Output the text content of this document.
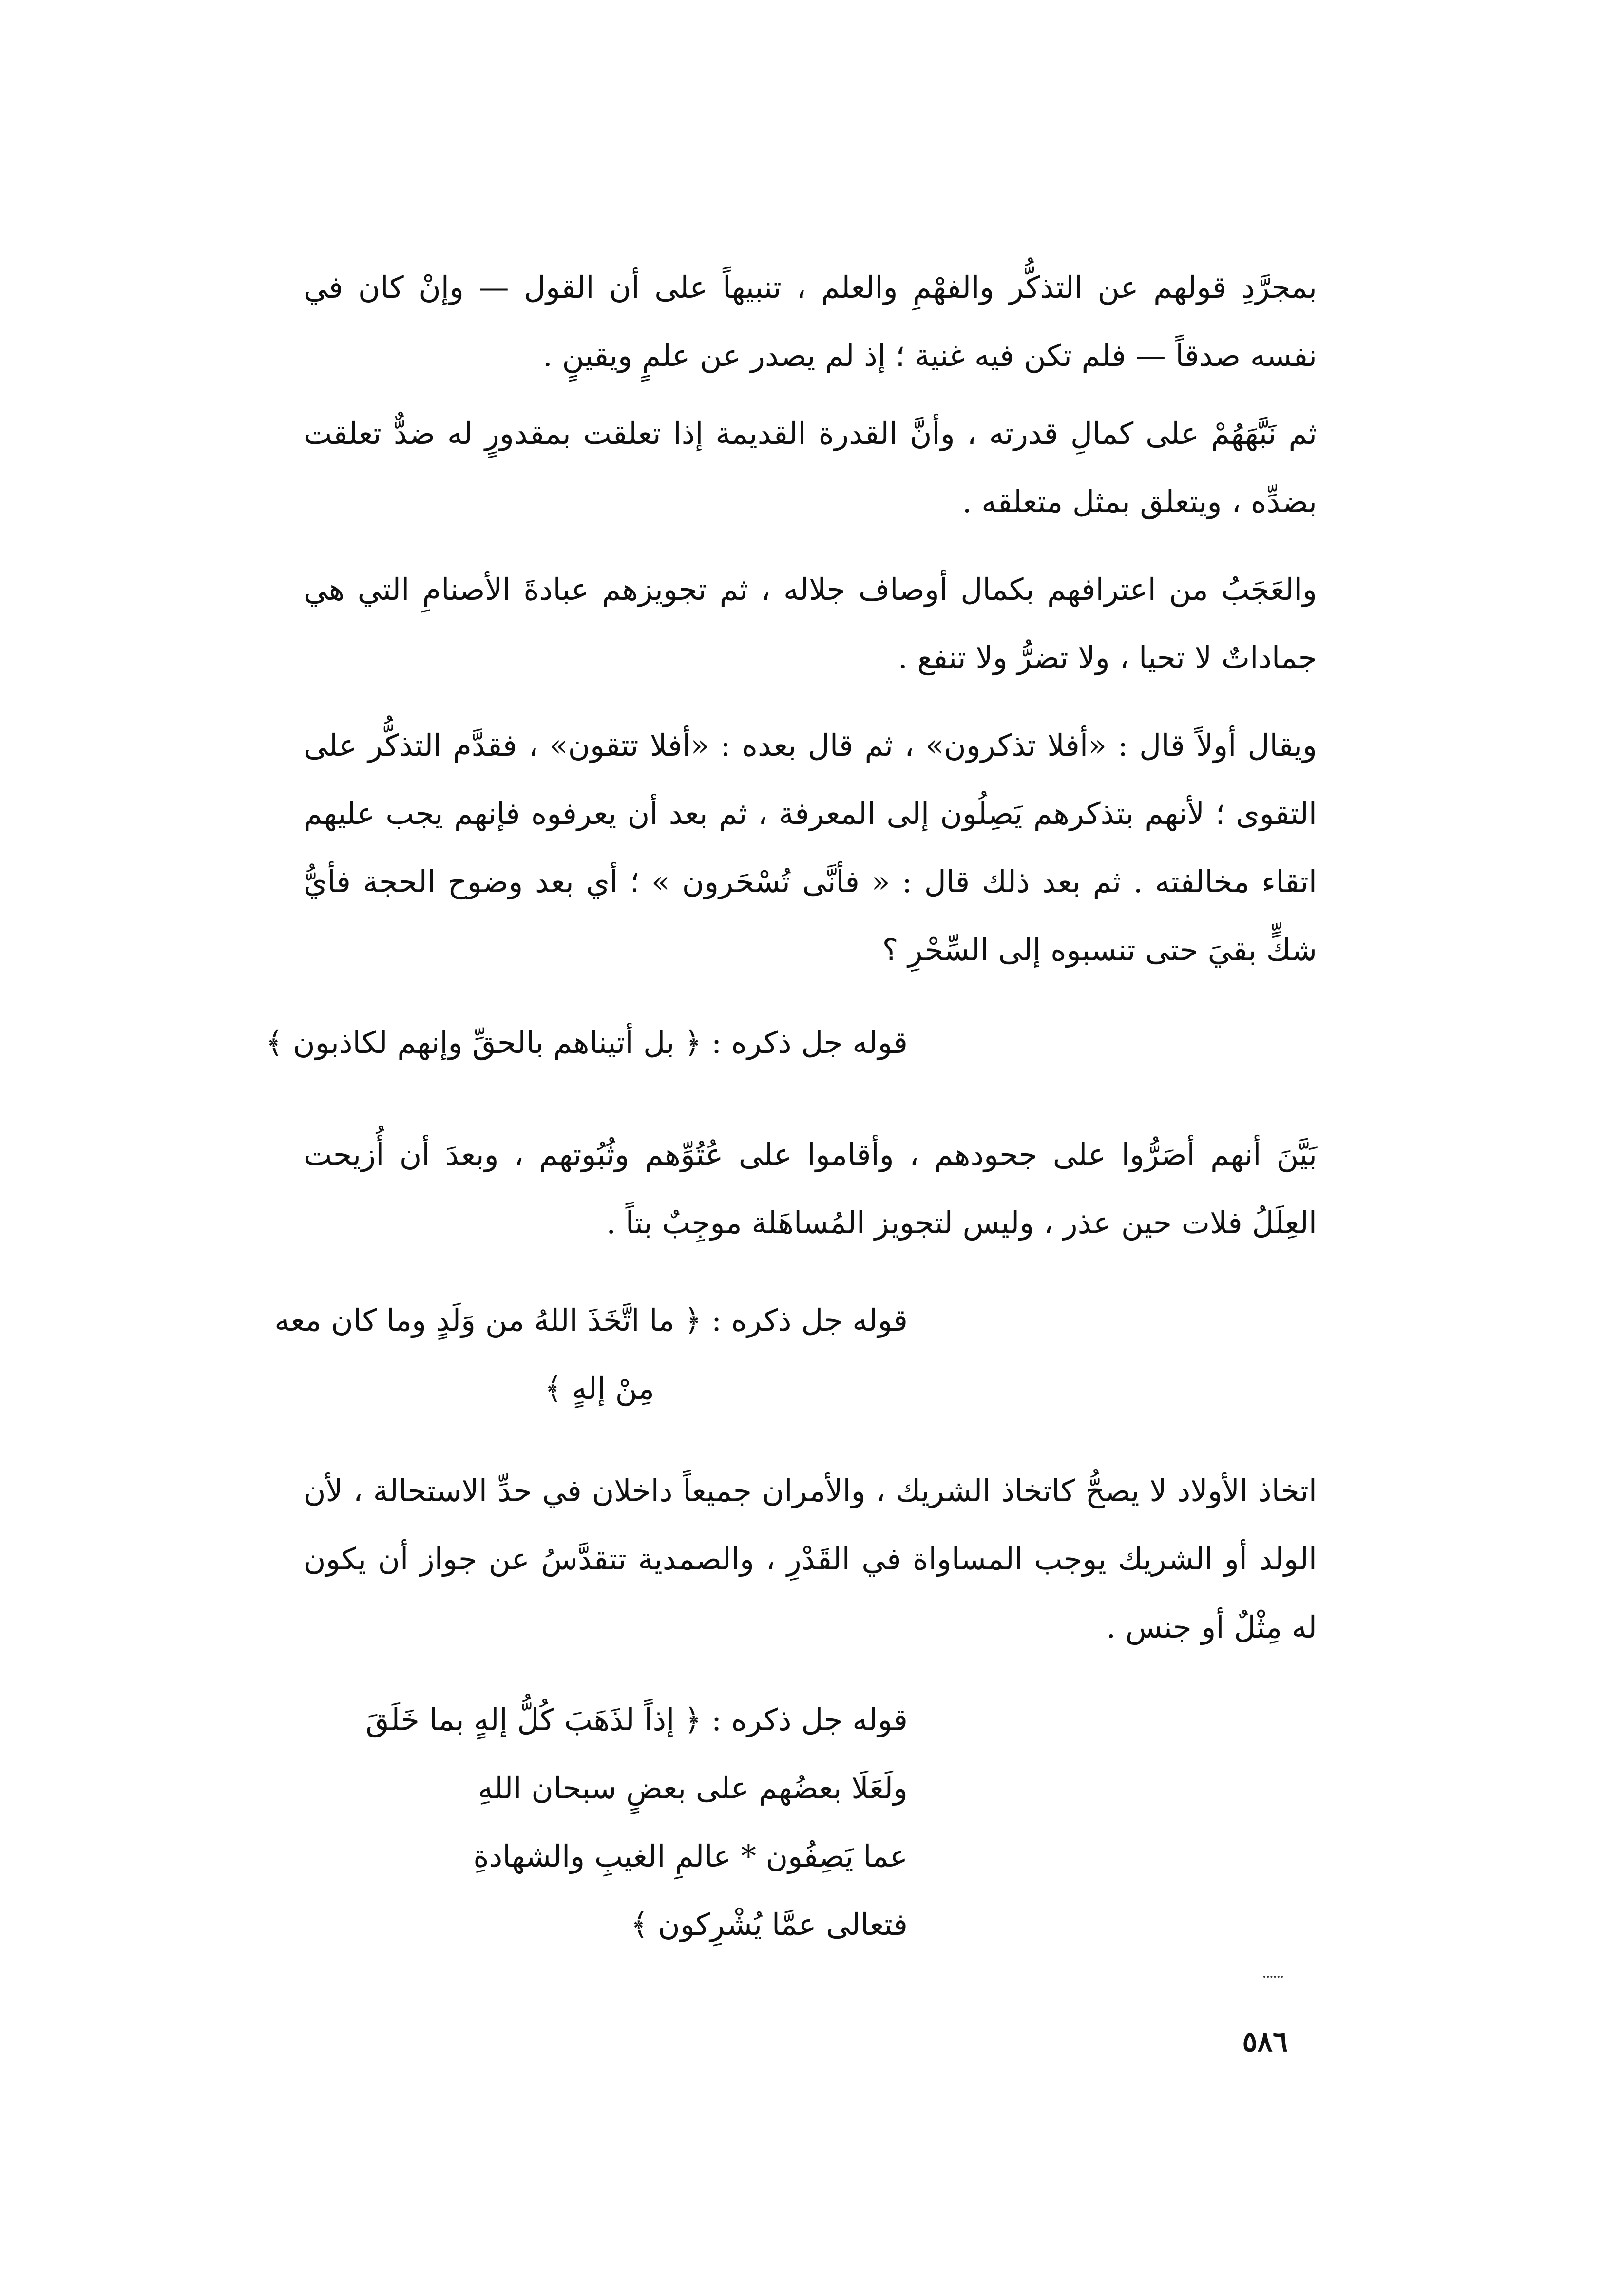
بمجرَّدِ قولهم عن التذكُّر والفهْمِ والعلم ، تنبيهاً على أن القول — وإنْ كان في نفسه صدقاً — فلم تكن فيه غنية ؛ إذ لم يصدر عن علمٍ ويقينٍ .

ثم نَبَّهَهُمْ على كمالِ قدرته ، وأنَّ القدرة القديمة إذا تعلقت بمقدورٍ له ضدٌّ تعلقت بضدِّه ، ويتعلق بمثل متعلقه .

والعَجَبُ من اعترافهم بكمال أوصاف جلاله ، ثم تجويزهم عبادةَ الأصنامِ التي هي جماداتٌ لا تحيا ، ولا تضرُّ ولا تنفع .

ويقال أولاً قال : «أفلا تذكرون» ، ثم قال بعده : «أفلا تتقون» ، فقدَّم التذكُّر على التقوى ؛ لأنهم بتذكرهم يَصِلُون إلى المعرفة ، ثم بعد أن يعرفوه فإنهم يجب عليهم اتقاء مخالفته . ثم بعد ذلك قال : « فأنَّى تُسْحَرون » ؛ أي بعد وضوح الحجة فأيُّ شكٍّ بقيَ حتى تنسبوه إلى السِّحْرِ ؟

قوله جل ذكره : ﴿ بل أتيناهم بالحقِّ وإنهم لكاذبون ﴾

بَيَّنَ أنهم أصَرُّوا على جحودهم ، وأقاموا على عُتُوِّهم وثُبُوتهم ، وبعدَ أن أُزيحت العِلَلُ فلات حين عذر ، وليس لتجويز المُساهَلة موجِبٌ بتاً .

قوله جل ذكره : ﴿ ما اتَّخَذَ اللهُ من وَلَدٍ وما كان معه
مِنْ إلهٍ ﴾

اتخاذ الأولاد لا يصحُّ كاتخاذ الشريك ، والأمران جميعاً داخلان في حدِّ الاستحالة ، لأن الولد أو الشريك يوجب المساواة في القَدْرِ ، والصمدية تتقدَّسُ عن جواز أن يكون له مِثْلٌ أو جنس .

قوله جل ذكره : ﴿ إذاً لذَهَبَ كُلُّ إلهٍ بما خَلَقَ
ولَعَلَا بعضُهم على بعضٍ سبحان اللهِ
عما يَصِفُون * عالمِ الغيبِ والشهادةِ
فتعالى عمَّا يُشْرِكون ﴾
٥٨٦
